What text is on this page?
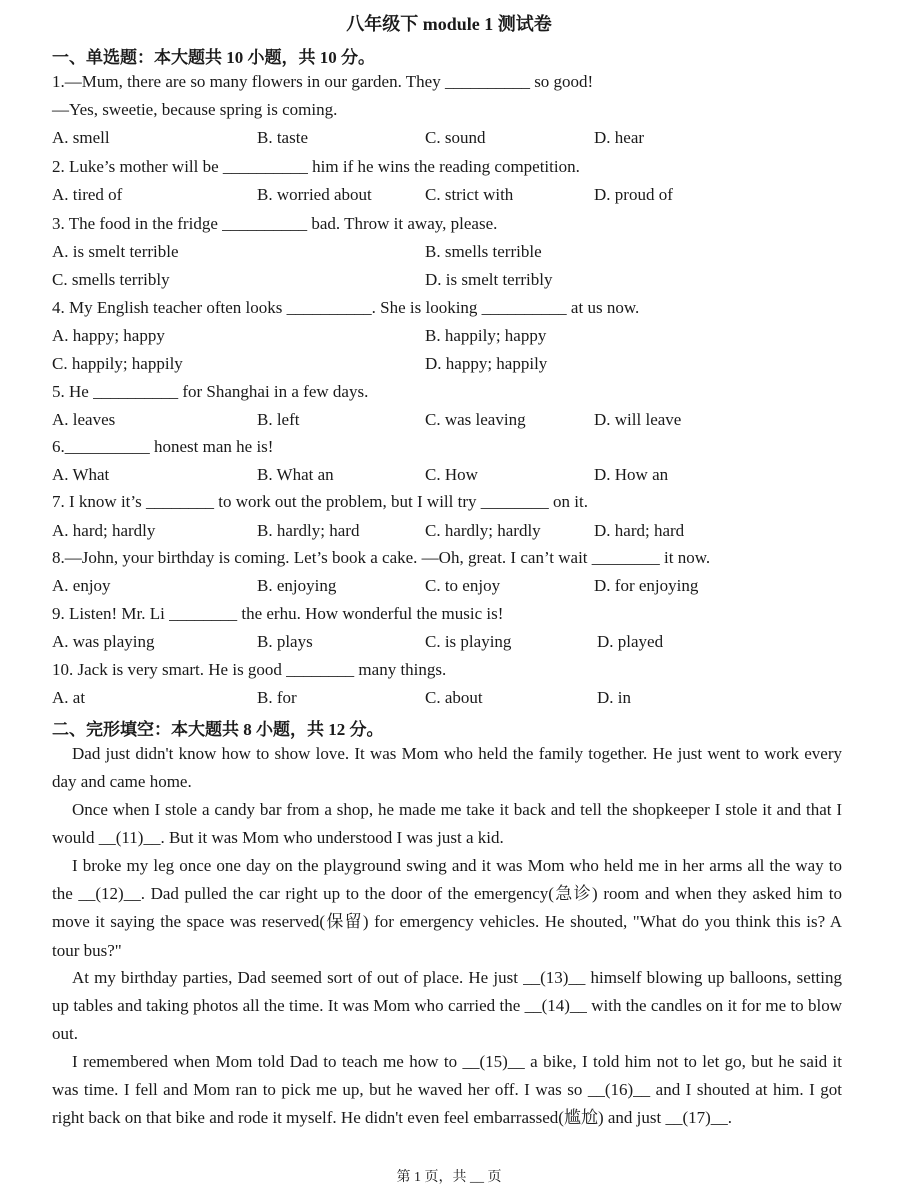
八年级下 module 1 测试卷
一、单选题：本大题共 10 小题，共 10 分。
1.—Mum, there are so many flowers in our garden. They __________ so good!
—Yes, sweetie, because spring is coming.
A. smell	B. taste	C. sound	D. hear
2. Luke’s mother will be __________ him if he wins the reading competition.
A. tired of	B. worried about	C. strict with	D. proud of
3. The food in the fridge __________ bad. Throw it away, please.
A. is smelt terrible	B. smells terrible
C. smells terribly	D. is smelt terribly
4. My English teacher often looks __________. She is looking __________ at us now.
A. happy; happy	B. happily; happy
C. happily; happily	D. happy; happily
5. He __________ for Shanghai in a few days.
A. leaves	B. left	C. was leaving	D. will leave
6.__________ honest man he is!
A. What	B. What an	C. How	D. How an
7. I know it’s ________ to work out the problem, but I will try ________ on it.
A. hard; hardly	B. hardly; hard	C. hardly; hardly	D. hard; hard
8.—John, your birthday is coming. Let’s book a cake. —Oh, great. I can’t wait ________ it now.
A. enjoy	B. enjoying	C. to enjoy	D. for enjoying
9. Listen! Mr. Li ________ the erhu. How wonderful the music is!
A. was playing	B. plays	C. is playing	D. played
10. Jack is very smart. He is good ________ many things.
A. at	B. for	C. about	D. in
二、完形填空：本大题共 8 小题，共 12 分。
Dad just didn't know how to show love. It was Mom who held the family together. He just went to work every day and came home.
Once when I stole a candy bar from a shop, he made me take it back and tell the shopkeeper I stole it and that I would __(11)__. But it was Mom who understood I was just a kid.
I broke my leg once one day on the playground swing and it was Mom who held me in her arms all the way to the __(12)__. Dad pulled the car right up to the door of the emergency(急诊) room and when they asked him to move it saying the space was reserved(保留) for emergency vehicles. He shouted, "What do you think this is? A tour bus?"
At my birthday parties, Dad seemed sort of out of place. He just __(13)__ himself blowing up balloons, setting up tables and taking photos all the time. It was Mom who carried the __(14)__ with the candles on it for me to blow out.
I remembered when Mom told Dad to teach me how to __(15)__ a bike, I told him not to let go, but he said it was time. I fell and Mom ran to pick me up, but he waved her off. I was so __(16)__ and I shouted at him. I got right back on that bike and rode it myself. He didn't even feel embarrassed(尴尬) and just __(17)__.
第 1 页，共 __ 页
